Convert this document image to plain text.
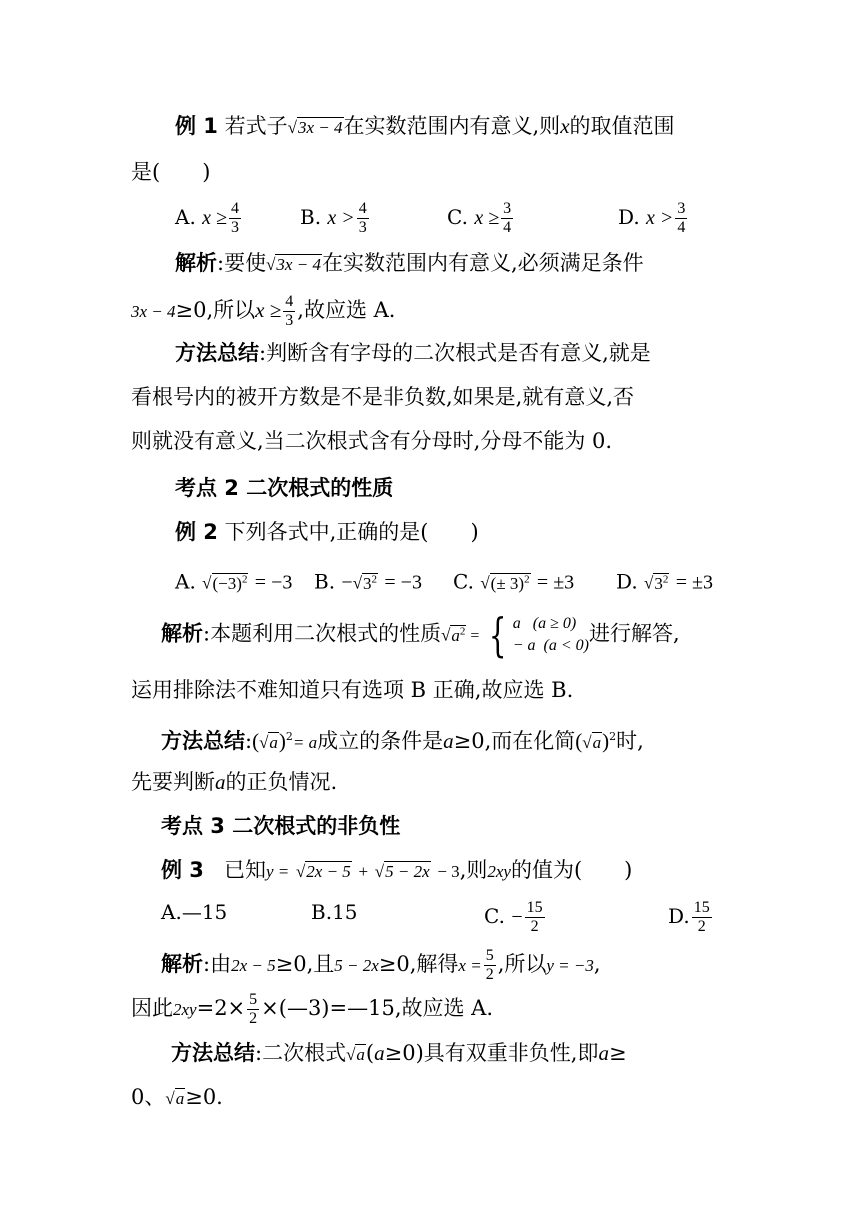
例 1 若式子√3x − 4在实数范围内有意义,则x的取值范围
是(　　)
A. $x \ge \frac{4}{3}$	B. $x > \frac{4}{3}$	C. $x \ge \frac{3}{4}$	D. $x > \frac{3}{4}$
解析:要使√3x − 4在实数范围内有意义,必须满足条件
3x − 4≥0,所以$x \ge \frac{4}{3}$ ,故应选 A.
方法总结:判断含有字母的二次根式是否有意义,就是
看根号内的被开方数是不是非负数,如果是,就有意义,否
则就没有意义,当二次根式含有分母时,分母不能为 0.
考点 2 二次根式的性质
例 2 下列各式中,正确的是(　　)
A. $√(-3)^2 = -3$ B. $-√3^2 = -3$ C. √(± 3)$^2$ = ±3 D. $√3^2 = \pm 3$
解析:本题利用二次根式的性质$√a^2$ = { a (a ≥ 0)
− a (a < 0) 进行解答,
运用排除法不难知道只有选项 B 正确,故应选 B.
方法总结$:(√a)^2= a$成立的条件是a≥0,而在化简$(√a)^2$时,
先要判断a的正负情况.
考点 3 二次根式的非负性
例 3 已知y = √2x − 5 + √5 − 2x − 3,则2xy的值为(　　)
A.—15	B.15	C. − $\frac{15}{2}$	D. $\frac{15}{2}$
解析:由2x − 5≥0,且5 − 2x≥0,解得$x = \frac{5}{2}$ ,所以y = −3,
因此$2xy=2\times \frac{5}{2}$ ×(—3)=—15,故应选 A.
方法总结:二次根式√a(a≥0)具有双重非负性,即a≥
0、√a≥0.
